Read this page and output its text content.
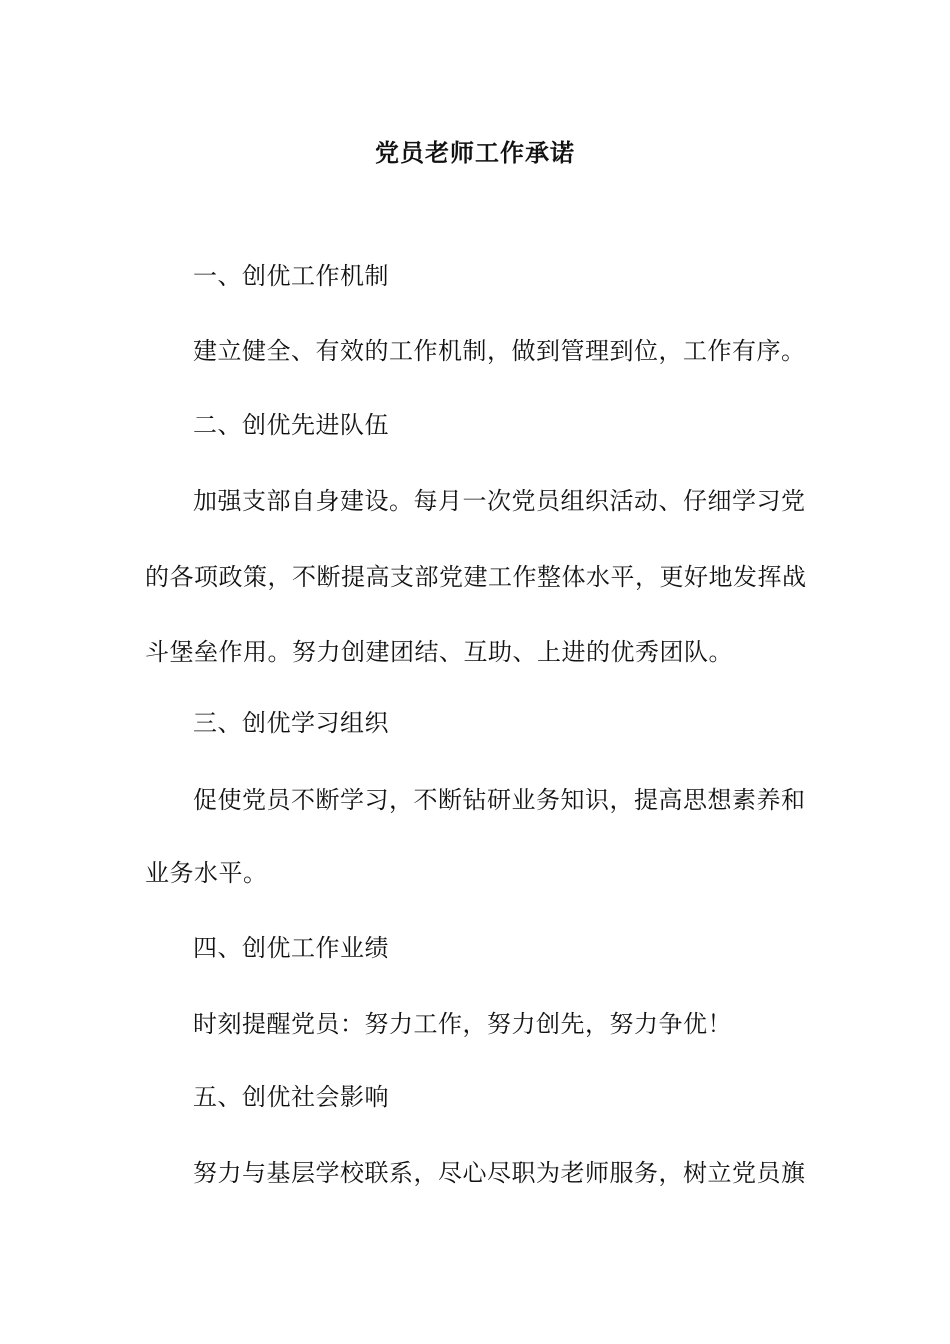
党员老师工作承诺
一、创优工作机制
建立健全、有效的工作机制，做到管理到位，工作有序。
二、创优先进队伍
加强支部自身建设。每月一次党员组织活动、仔细学习党
的各项政策，不断提高支部党建工作整体水平，更好地发挥战
斗堡垒作用。努力创建团结、互助、上进的优秀团队。
三、创优学习组织
促使党员不断学习，不断钻研业务知识，提高思想素养和
业务水平。
四、创优工作业绩
时刻提醒党员：努力工作，努力创先，努力争优！
五、创优社会影响
努力与基层学校联系，尽心尽职为老师服务，树立党员旗
